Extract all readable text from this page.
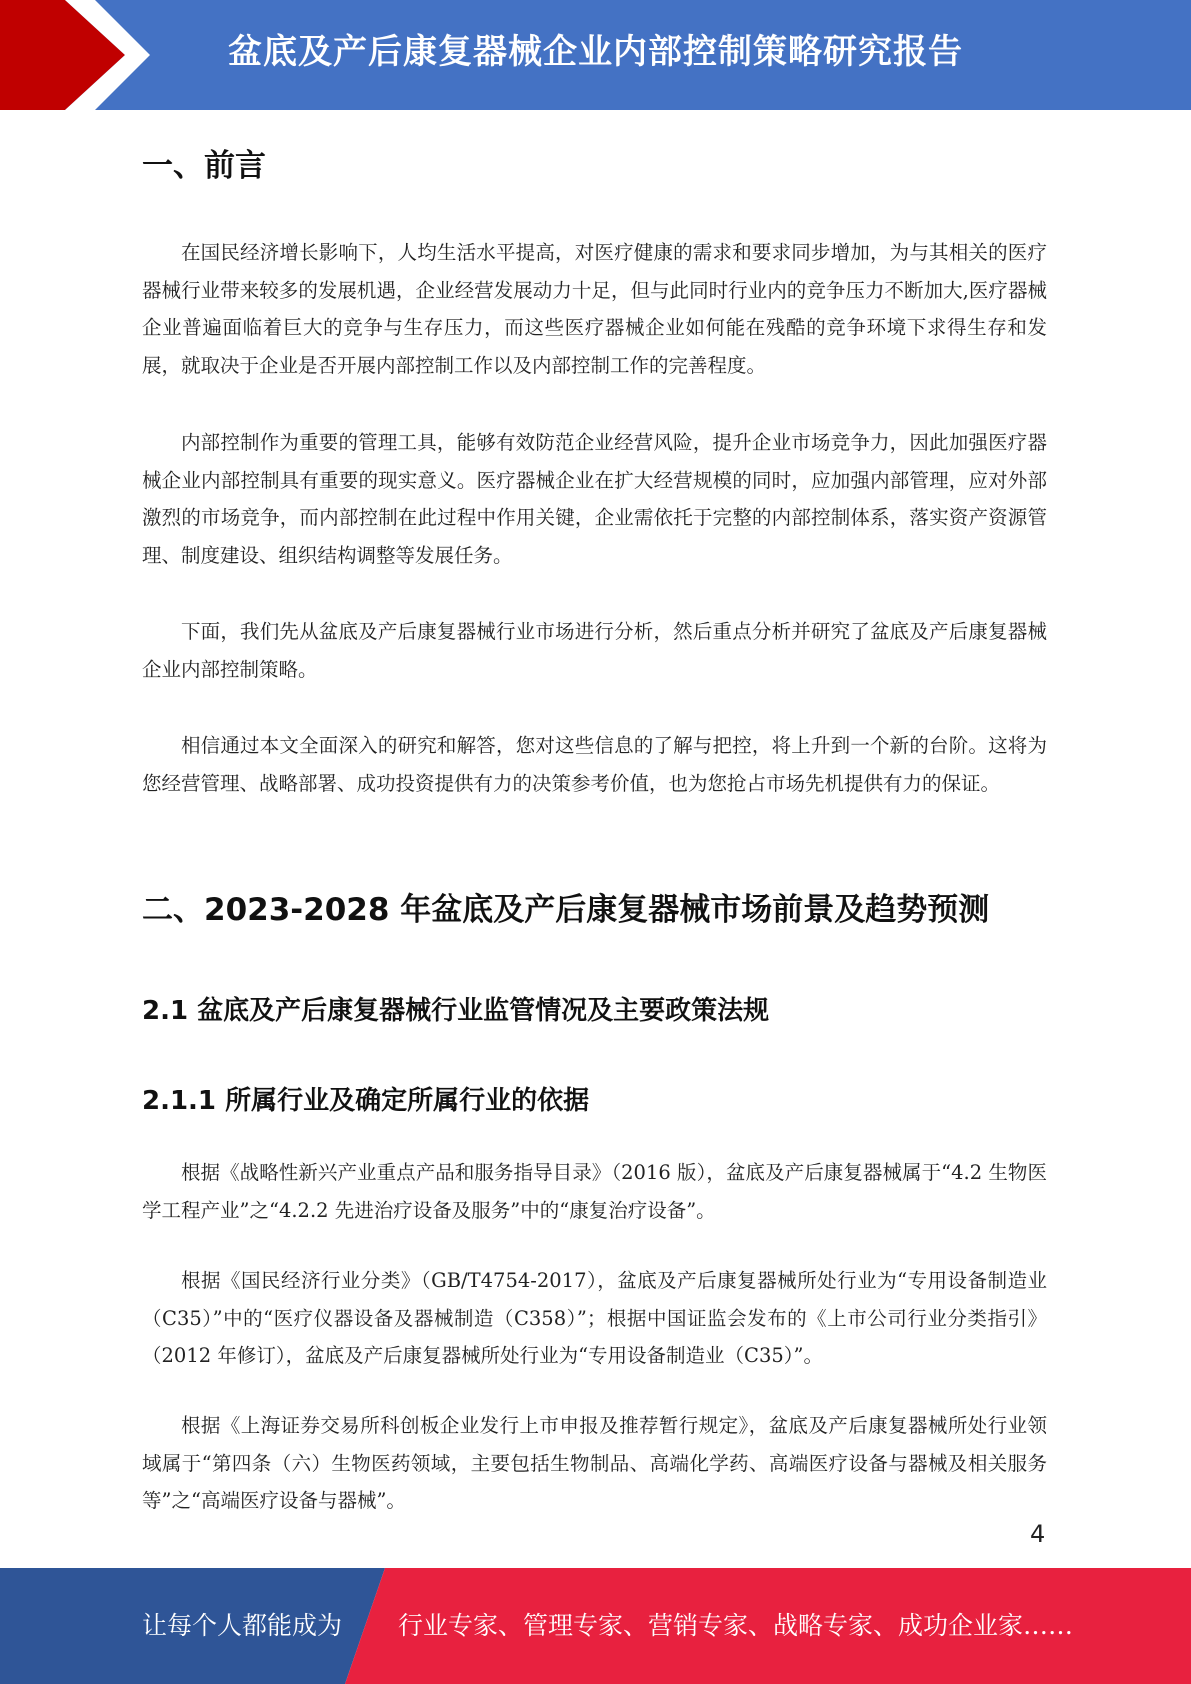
盆底及产后康复器械企业内部控制策略研究报告
一、前言

在国民经济增长影响下，人均生活水平提高，对医疗健康的需求和要求同步增加，为与其相关的医疗器械行业带来较多的发展机遇，企业经营发展动力十足，但与此同时行业内的竞争压力不断加大,医疗器械企业普遍面临着巨大的竞争与生存压力，而这些医疗器械企业如何能在残酷的竞争环境下求得生存和发展，就取决于企业是否开展内部控制工作以及内部控制工作的完善程度。

内部控制作为重要的管理工具，能够有效防范企业经营风险，提升企业市场竞争力，因此加强医疗器械企业内部控制具有重要的现实意义。医疗器械企业在扩大经营规模的同时，应加强内部管理，应对外部激烈的市场竞争，而内部控制在此过程中作用关键，企业需依托于完整的内部控制体系，落实资产资源管理、制度建设、组织结构调整等发展任务。

下面，我们先从盆底及产后康复器械行业市场进行分析，然后重点分析并研究了盆底及产后康复器械企业内部控制策略。

相信通过本文全面深入的研究和解答，您对这些信息的了解与把控，将上升到一个新的台阶。这将为您经营管理、战略部署、成功投资提供有力的决策参考价值，也为您抢占市场先机提供有力的保证。

二、2023-2028 年盆底及产后康复器械市场前景及趋势预测
2.1 盆底及产后康复器械行业监管情况及主要政策法规
2.1.1 所属行业及确定所属行业的依据

根据《战略性新兴产业重点产品和服务指导目录》（2016 版），盆底及产后康复器械属于“4.2 生物医学工程产业”之“4.2.2 先进治疗设备及服务”中的“康复治疗设备”。

根据《国民经济行业分类》（GB/T4754-2017），盆底及产后康复器械所处行业为“专用设备制造业（C35）”中的“医疗仪器设备及器械制造（C358）”；根据中国证监会发布的《上市公司行业分类指引》（2012 年修订），盆底及产后康复器械所处行业为“专用设备制造业（C35）”。

根据《上海证券交易所科创板企业发行上市申报及推荐暂行规定》，盆底及产后康复器械所处行业领域属于“第四条（六）生物医药领域，主要包括生物制品、高端化学药、高端医疗设备与器械及相关服务等”之“高端医疗设备与器械”。

4
让每个人都能成为 行业专家、管理专家、营销专家、战略专家、成功企业家……
